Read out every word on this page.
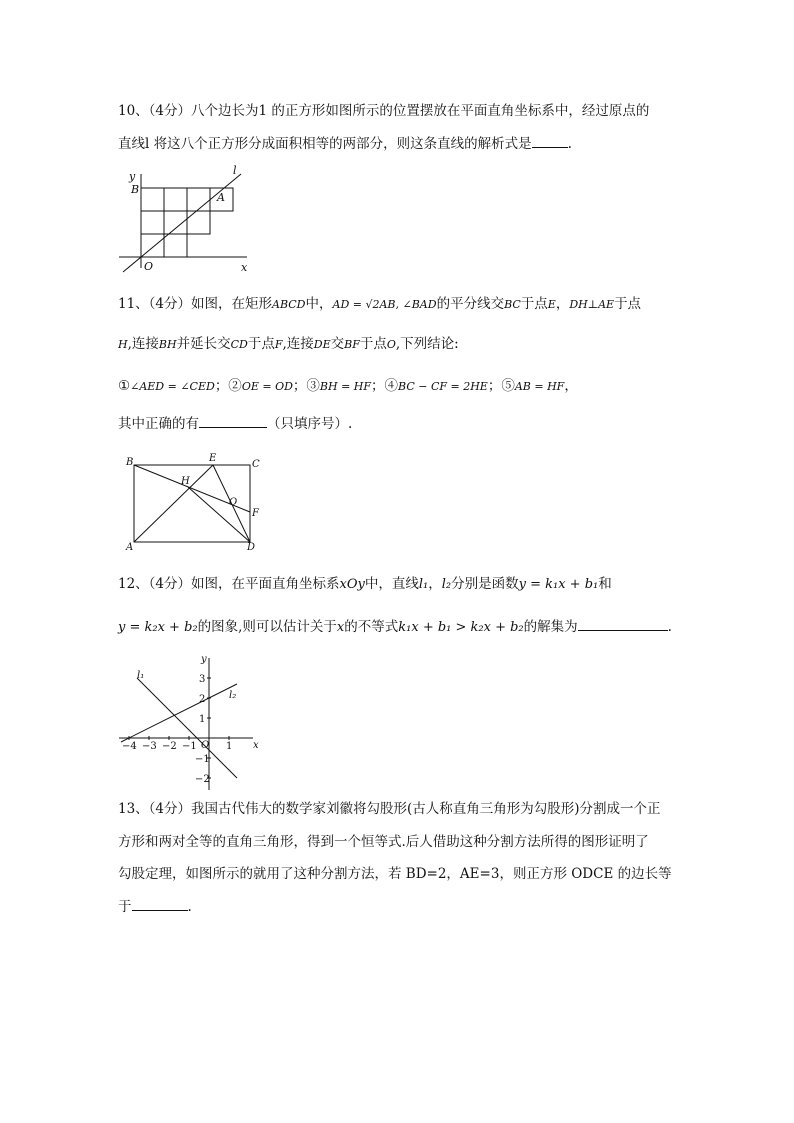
10、（4分）八个边长为1 的正方形如图所示的位置摆放在平面直角坐标系中，经过原点的
直线l 将这八个正方形分成面积相等的两部分，则这条直线的解析式是	.
y
B
A
l
O	x
11、（4分）如图，在矩形ABCD中，AD = √2AB, ∠BAD的平分线交BC于点E，DH⊥AE于点
H,连接BH并延长交CD于点F,连接DE交BF于点O,下列结论:
①∠AED = ∠CED；②OE = OD；③BH = HF；④BC − CF = 2HE；⑤AB = HF，
其中正确的有	（只填序号）.
B	E
C
H
O
F
A	D
12、（4分）如图，在平面直角坐标系xOy中，直线l₁，l₂分别是函数y = k₁x + b₁和
y = k₂x + b₂的图象,则可以估计关于x的不等式k₁x + b₁ > k₂x + b₂的解集为	.
y
x
O
l₁
l₂
−4 −3 −2 −1	1
3
2
1
−1
−2
13、（4分）我国古代伟大的数学家刘徽将勾股形(古人称直角三角形为勾股形)分割成一个正
方形和两对全等的直角三角形，得到一个恒等式.后人借助这种分割方法所得的图形证明了
勾股定理，如图所示的就用了这种分割方法，若 BD=2，AE=3，则正方形 ODCE 的边长等
于	.
